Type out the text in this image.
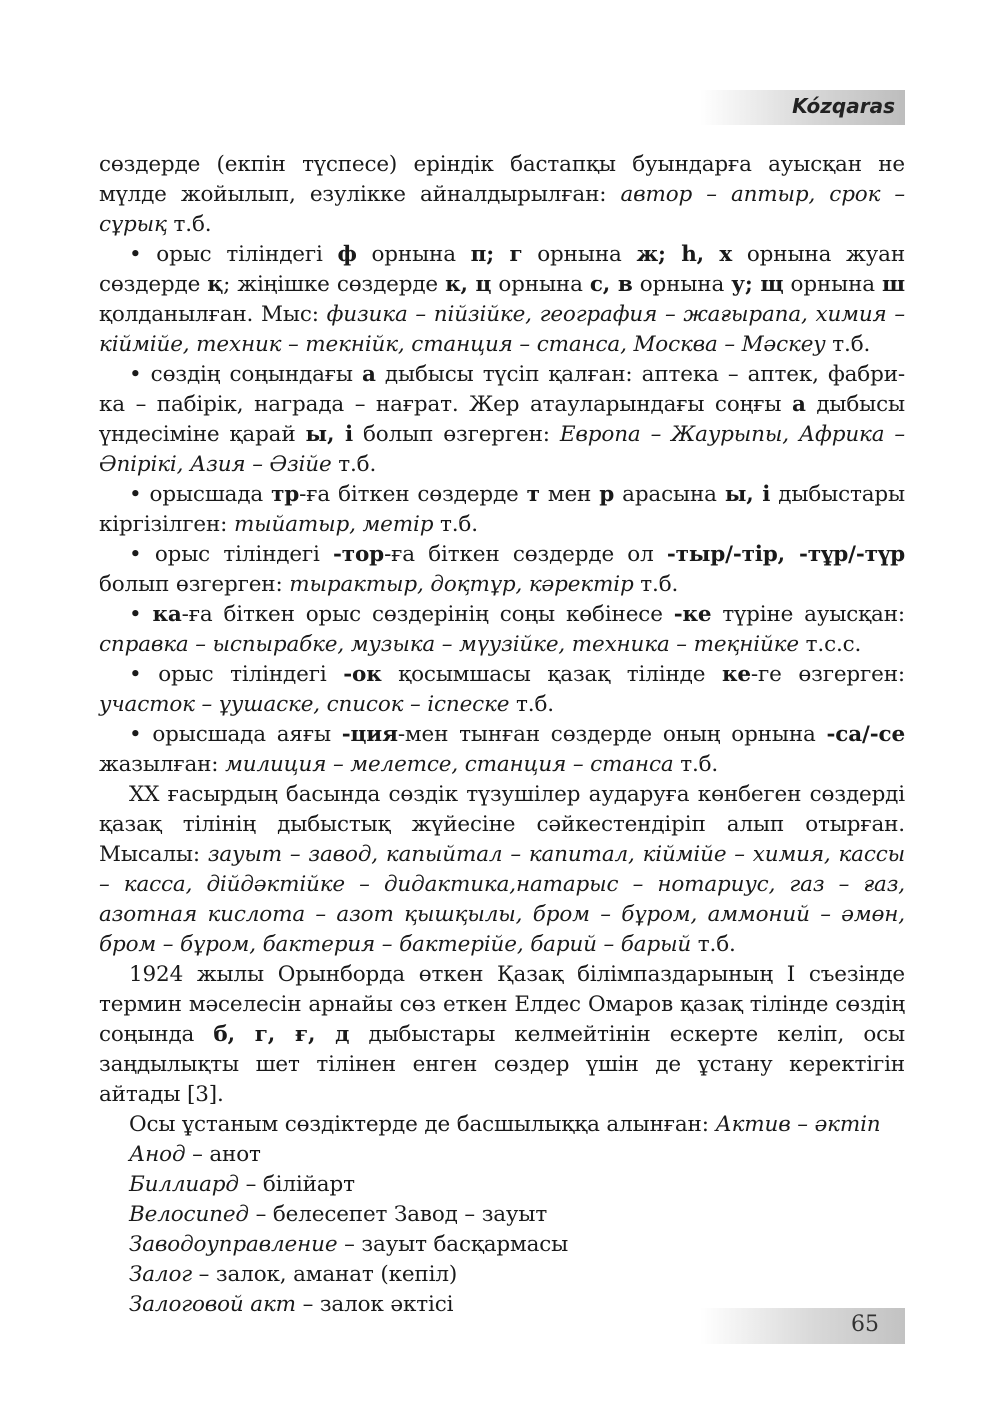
Kózqaras

сөздерде (екпін түспесе) еріндік бастапқы буындарға ауысқан не мүлде жойылып, езулікке айналдырылған: автор – аптыр, срок – сұрық т.б.

• орыс тіліндегі ф орнына п; г орнына ж; h, х орнына жуан сөздерде қ; жіңішке сөздерде к, ц орнына с, в орнына у; щ орнына ш қолданылған. Мыс: физика – пійзійке, география – жағырапа, химия – кіймійе, техник – текнійк, станция – станса, Москва – Мәскеу т.б.

• сөздің соңындағы а дыбысы түсіп қалған: аптека – аптек, фабри-ка – пабірік, награда – нағрат. Жер атауларындағы соңғы а дыбысы үндесіміне қарай ы, і болып өзгерген: Европа – Жаурыпы, Африка – Әпірікі, Азия – Әзійе т.б.

• орысшада тр-ға біткен сөздерде т мен р арасына ы, і дыбыстары кіргізілген: тыйатыр, метір т.б.

• орыс тіліндегі -тор-ға біткен сөздерде ол -тыр/-тір, -тұр/-түр болып өзгерген: тырактыр, доқтұр, кәректір т.б.

• ка-ға біткен орыс сөздерінің соңы көбінесе -ке түріне ауысқан: справка – ыспырабке, музыка – мүузійке, техника – теқнійке т.с.с.

• орыс тіліндегі -ок қосымшасы қазақ тілінде ке-ге өзгерген: участок – ұушаске, список – іспеске т.б.

• орысшада аяғы -ция-мен тынған сөздерде оның орнына -са/-се жазылған: милиция – мелетсе, станция – станса т.б.

XX ғасырдың басында сөздік түзушілер аударуға көнбеген сөздерді қазақ тілінің дыбыстық жүйесіне сәйкестендіріп алып отырған. Мысалы: зауыт – завод, капыйтал – капитал, кіймійе – химия, кассы – касса, дійдәктійке – дидактика,натарыс – нотариус, газ – ғаз, азотная кислота – азот қышқылы, бром – бұром, аммоний – әмөн, бром – бұром, бактерия – бактерійе, барий – барый т.б.

1924 жылы Орынборда өткен Қазақ білімпаздарының І съезінде термин мәселесін арнайы сөз еткен Елдес Омаров қазақ тілінде сөздің соңында б, г, ғ, д дыбыстары келмейтінін ескерте келіп, осы заңдылықты шет тілінен енген сөздер үшін де ұстану керектігін айтады [3].

Осы ұстаным сөздіктерде де басшылыққа алынған: Актив – әктіп

Анод – анот

Биллиард – білійарт

Велосипед – белесепет Завод – зауыт

Заводоуправление – зауыт басқармасы

Залог – залок, аманат (кепіл)

Залоговой акт – залок әктісі

65
